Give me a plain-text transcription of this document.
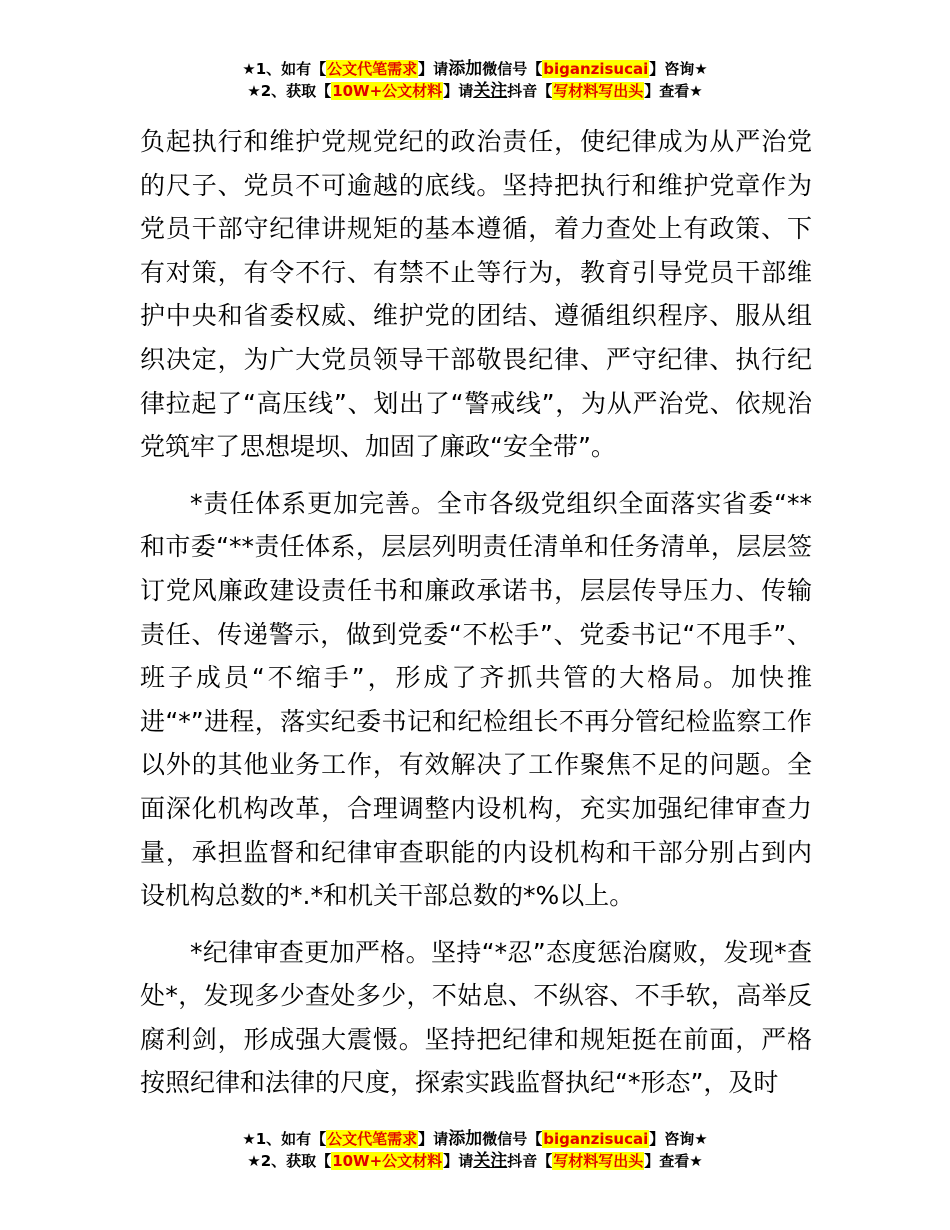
★1、如有【公文代笔需求】请添加微信号【biganzisucai】咨询★
★2、获取【10W+公文材料】请关注抖音【写材料写出头】查看★

负起执行和维护党规党纪的政治责任，使纪律成为从严治党的尺子、党员不可逾越的底线。坚持把执行和维护党章作为党员干部守纪律讲规矩的基本遵循，着力查处上有政策、下有对策，有令不行、有禁不止等行为，教育引导党员干部维护中央和省委权威、维护党的团结、遵循组织程序、服从组织决定，为广大党员领导干部敬畏纪律、严守纪律、执行纪律拉起了“高压线”、划出了“警戒线”，为从严治党、依规治党筑牢了思想堤坝、加固了廉政“安全带”。

*责任体系更加完善。全市各级党组织全面落实省委“**和市委“**责任体系，层层列明责任清单和任务清单，层层签订党风廉政建设责任书和廉政承诺书，层层传导压力、传输责任、传递警示，做到党委“不松手”、党委书记“不甩手”、班子成员“不缩手”，形成了齐抓共管的大格局。加快推进“*”进程，落实纪委书记和纪检组长不再分管纪检监察工作以外的其他业务工作，有效解决了工作聚焦不足的问题。全面深化机构改革，合理调整内设机构，充实加强纪律审查力量，承担监督和纪律审查职能的内设机构和干部分别占到内设机构总数的*.*和机关干部总数的*%以上。

*纪律审查更加严格。坚持“*忍”态度惩治腐败，发现*查处*，发现多少查处多少，不姑息、不纵容、不手软，高举反腐利剑，形成强大震慑。坚持把纪律和规矩挺在前面，严格按照纪律和法律的尺度，探索实践监督执纪“*形态”，及时

★1、如有【公文代笔需求】请添加微信号【biganzisucai】咨询★
★2、获取【10W+公文材料】请关注抖音【写材料写出头】查看★
